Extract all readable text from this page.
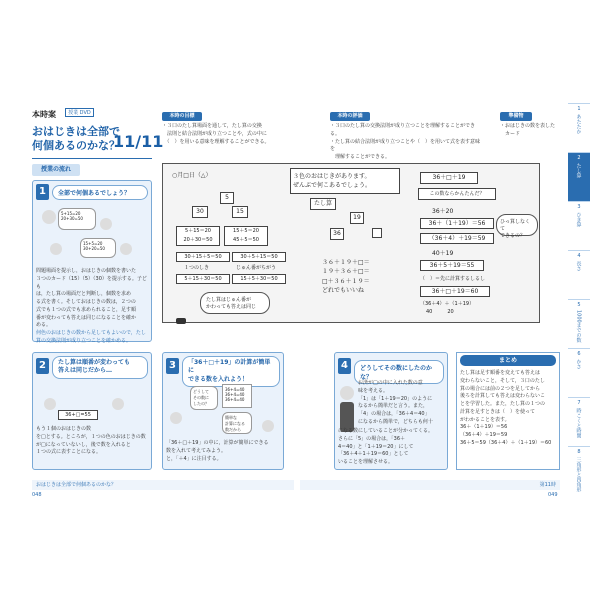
本時案 授業 DVD
おはじきは全部で
何個あるのかな？
11/11
授業の流れ
本時の目標
・３口のたし算場面を通して，たし算の交換
　法則と結合法則が成り立つことや，式の中に
　（　）を用いる意味を理解することができる。
本時の評価
・３口のたし算の交換法則が成り立つことを理解することができる。
・たし算の結合法則が成り立つことや（　）を用いて式を表す意味を
　理解することができる。
準備物
・おはじきの数を表した
　カード
1	全部で何個あるでしょう？
5+15=20
20+30=50
15+5=20
30+20=50
問題場面を提示し，おはじきの個数を書いた
３つのカード（15）（5）（30）を提示する。子ども
は，たし算の場面だと判断し，個数を求め
る式を書く。そしておはじきの数は，２つの
式でも１つの式でも求められること，足す順
番が変わっても答えは同じになることを確か
める。
何色のおはじきの数から足してもよいので，たし
算の交換法則が成り立つことを確かめる。
○月□日（△）	３色のおはじきがあります。
ぜんぶで何こあるでしょう。
たし算
5
30	15
5＋15＝20
20＋30＝50
15＋5＝20
45＋5＝50
30＋15＋5＝50	30＋5＋15＝50
１つのしき	じゅん番がちがう
5＋15＋30＝50	15＋5＋30＝50
たし算はじゅん番が
かわっても答えは同じ
19
36
３６＋１９＋□＝
１９＋３６＋□＝
□＋３６＋１９＝
どれでもいいね
36＋□＋19
この数ならかんたんだ？
36＋20
36＋（1＋19）＝56
（36＋4）＋19＝59
40＋19
36＋5＋19＝55
（　）＝先に計算するしるし
36＋□＋19＝60
（36＋4）＋（1＋19）
40　　　20
ひっ算しなくて
できるの？
2	たし算は順番が変わっても
答えは同じだから…
36+□=55
もう１個のおはじきの数
を□とする。ところが，１つの色のおはじきの数
が□になっていないし，後で数を入れると
１つの式に表すことになる。
3	「36＋□＋19」の計算が簡単に
できる数を入れよう！
どうして
その数に
したの？
36+4=40
36+4=40
36+4=40
簡単な
計算になる
数だから
「36＋□＋19」の中に，計算が簡単にできる
数を入れて考えてみよう。
と，「＋4」に注目する。
4	どうしてその数にしたのかな？
お済が□の中に入れた数の意
味を考える。
「1」は「1＋19＝20」のように
なるから簡単だと言う。また，
「4」の場合は，「36＋4＝40」
になるから簡単で，どちらも何十
になる数にしていることが分かってくる。
さらに「5」の場合は，「36＋
4＝40」と「1＋19＝20」にして
「36＋4＋1＋19＝60」として
いることを理解させる。
まとめ
たし算は足す順番を変えても答えは
変わらないこと，そして，３口のたし
算の場合には前の２つを足してから
後ろを計算しても答えは変わらないこ
とを学習した。また，たし算の１つの
計算を足すときは（　）を使って
がわかることを表す。
36＋（1＋19）＝56
（36＋4）＋19＝59
36＋5＝59（36＋4）＋（1＋19）＝60
1
あたたか
2
たし算
3
ひき算
4
長さ
5
1000までの数
6
かさ
7
時こくと時間
8
三角形と四角形
おはじきは全部で何個あるのかな？
048
第11時
049
